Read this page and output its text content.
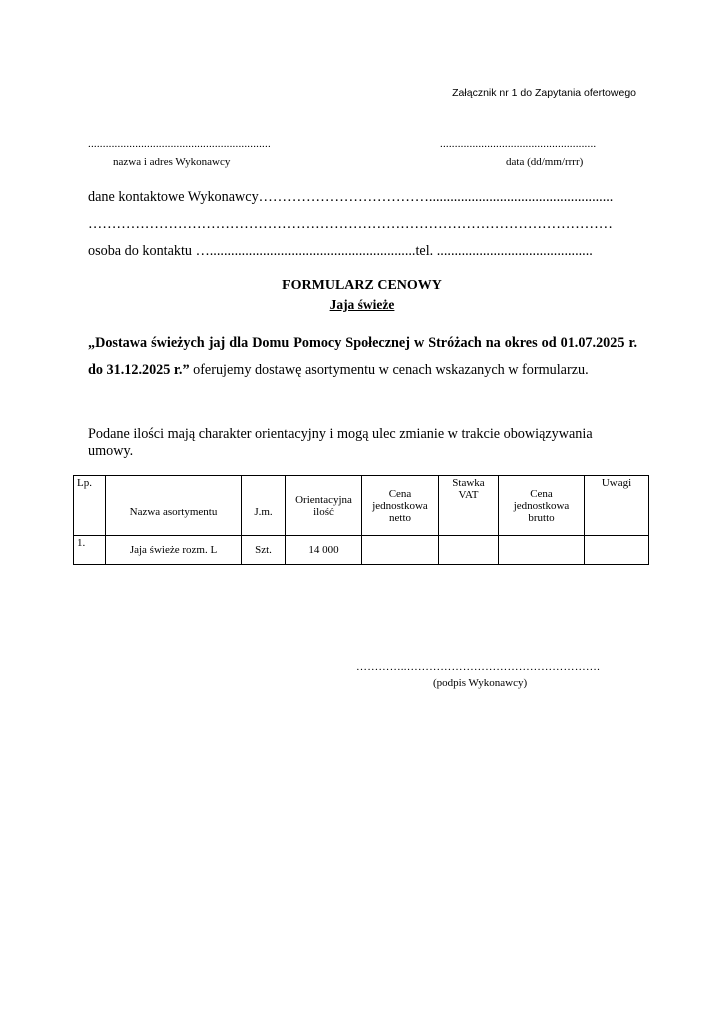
Załącznik nr 1 do Zapytania ofertowego
..............................................................	.....................................................
nazwa i adres Wykonawcy	data (dd/mm/rrrr)
dane kontaktowe Wykonawcy………………………………....................................................
…………………………………………………………………………………………………
osoba do kontaktu …..........................................................tel. ............................................
FORMULARZ CENOWY
Jaja świeże
„Dostawa świeżych jaj dla Domu Pomocy Społecznej w Stróżach na okres od 01.07.2025 r. do 31.12.2025 r.” oferujemy dostawę asortymentu w cenach wskazanych w formularzu.
Podane ilości mają charakter orientacyjny i mogą ulec zmianie w trakcie obowiązywania umowy.
Lp.	Nazwa asortymentu	J.m.	Orientacyjna ilość	Cena jednostkowa netto	Stawka VAT	Cena jednostkowa brutto	Uwagi
1.	Jaja świeże rozm. L	Szt.	14 000				
…………..…………………………………………….
(podpis Wykonawcy)
